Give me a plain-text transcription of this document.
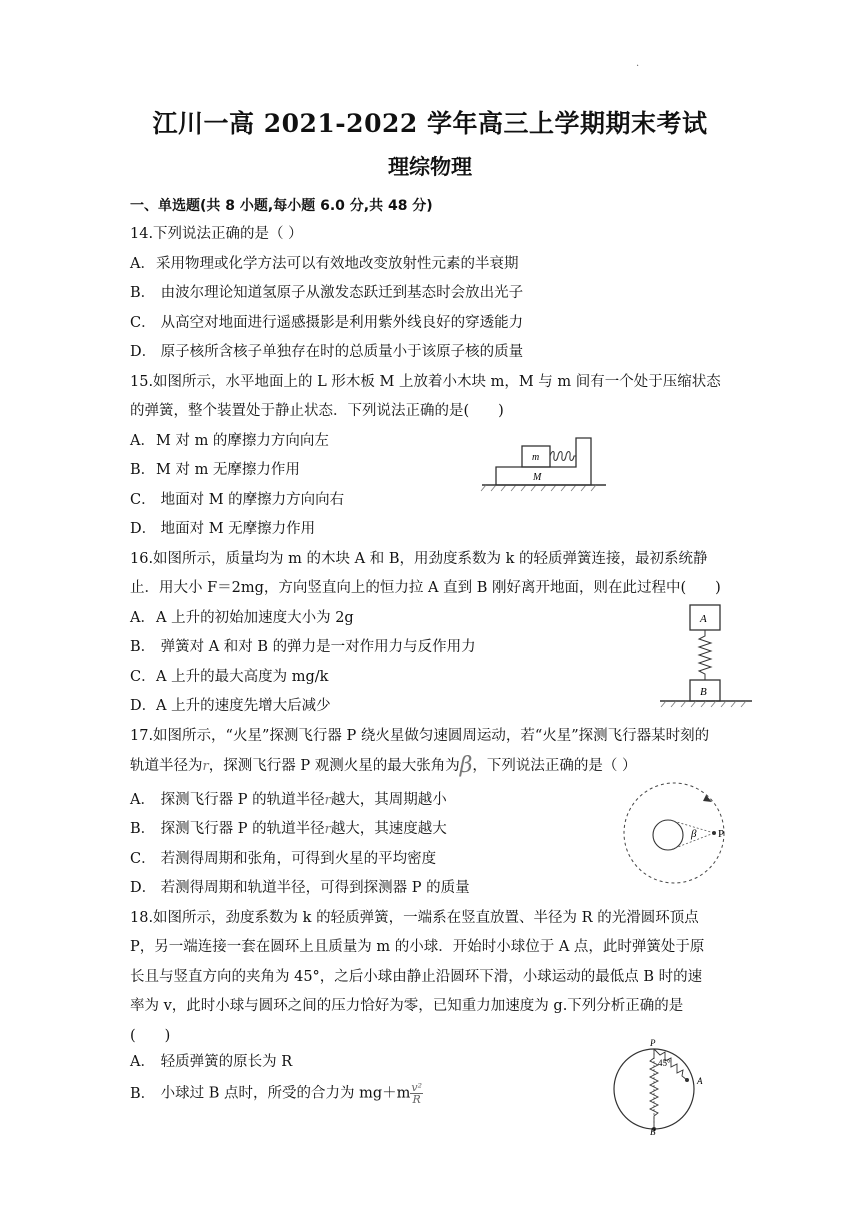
.
江川一高 2021-2022 学年高三上学期期末考试
理综物理
一、单选题(共 8 小题,每小题 6.0 分,共 48 分)
14.下列说法正确的是（ ）
A．采用物理或化学方法可以有效地改变放射性元素的半衰期
B． 由波尔理论知道氢原子从激发态跃迁到基态时会放出光子
C． 从高空对地面进行遥感摄影是利用紫外线良好的穿透能力
D． 原子核所含核子单独存在时的总质量小于该原子核的质量
15.如图所示，水平地面上的 L 形木板 M 上放着小木块 m，M 与 m 间有一个处于压缩状态
的弹簧，整个装置处于静止状态．下列说法正确的是(　　)
A．M 对 m 的摩擦力方向向左
B．M 对 m 无摩擦力作用
C． 地面对 M 的摩擦力方向向右
D． 地面对 M 无摩擦力作用
m
M
16.如图所示，质量均为 m 的木块 A 和 B，用劲度系数为 k 的轻质弹簧连接，最初系统静
止．用大小 F＝2mg，方向竖直向上的恒力拉 A 直到 B 刚好离开地面，则在此过程中(　　)
A．A 上升的初始加速度大小为 2g
B． 弹簧对 A 和对 B 的弹力是一对作用力与反作用力
C．A 上升的最大高度为 mg/k
D．A 上升的速度先增大后减少
A
B
17.如图所示，“火星”探测飞行器 P 绕火星做匀速圆周运动，若“火星”探测飞行器某时刻的
轨道半径为r，探测飞行器 P 观测火星的最大张角为β，下列说法正确的是（ ）
A． 探测飞行器 P 的轨道半径r越大，其周期越小
B． 探测飞行器 P 的轨道半径r越大，其速度越大
C． 若测得周期和张角，可得到火星的平均密度
D． 若测得周期和轨道半径，可得到探测器 P 的质量
β P
18.如图所示，劲度系数为 k 的轻质弹簧，一端系在竖直放置、半径为 R 的光滑圆环顶点
P，另一端连接一套在圆环上且质量为 m 的小球．开始时小球位于 A 点，此时弹簧处于原
长且与竖直方向的夹角为 45°，之后小球由静止沿圆环下滑，小球运动的最低点 B 时的速
率为 v，此时小球与圆环之间的压力恰好为零，已知重力加速度为 g.下列分析正确的是
(　　)
A． 轻质弹簧的原长为 R
B． 小球过 B 点时，所受的合力为 $mg+m \frac{\text{v²}}{R}$
P
45°
A
B
